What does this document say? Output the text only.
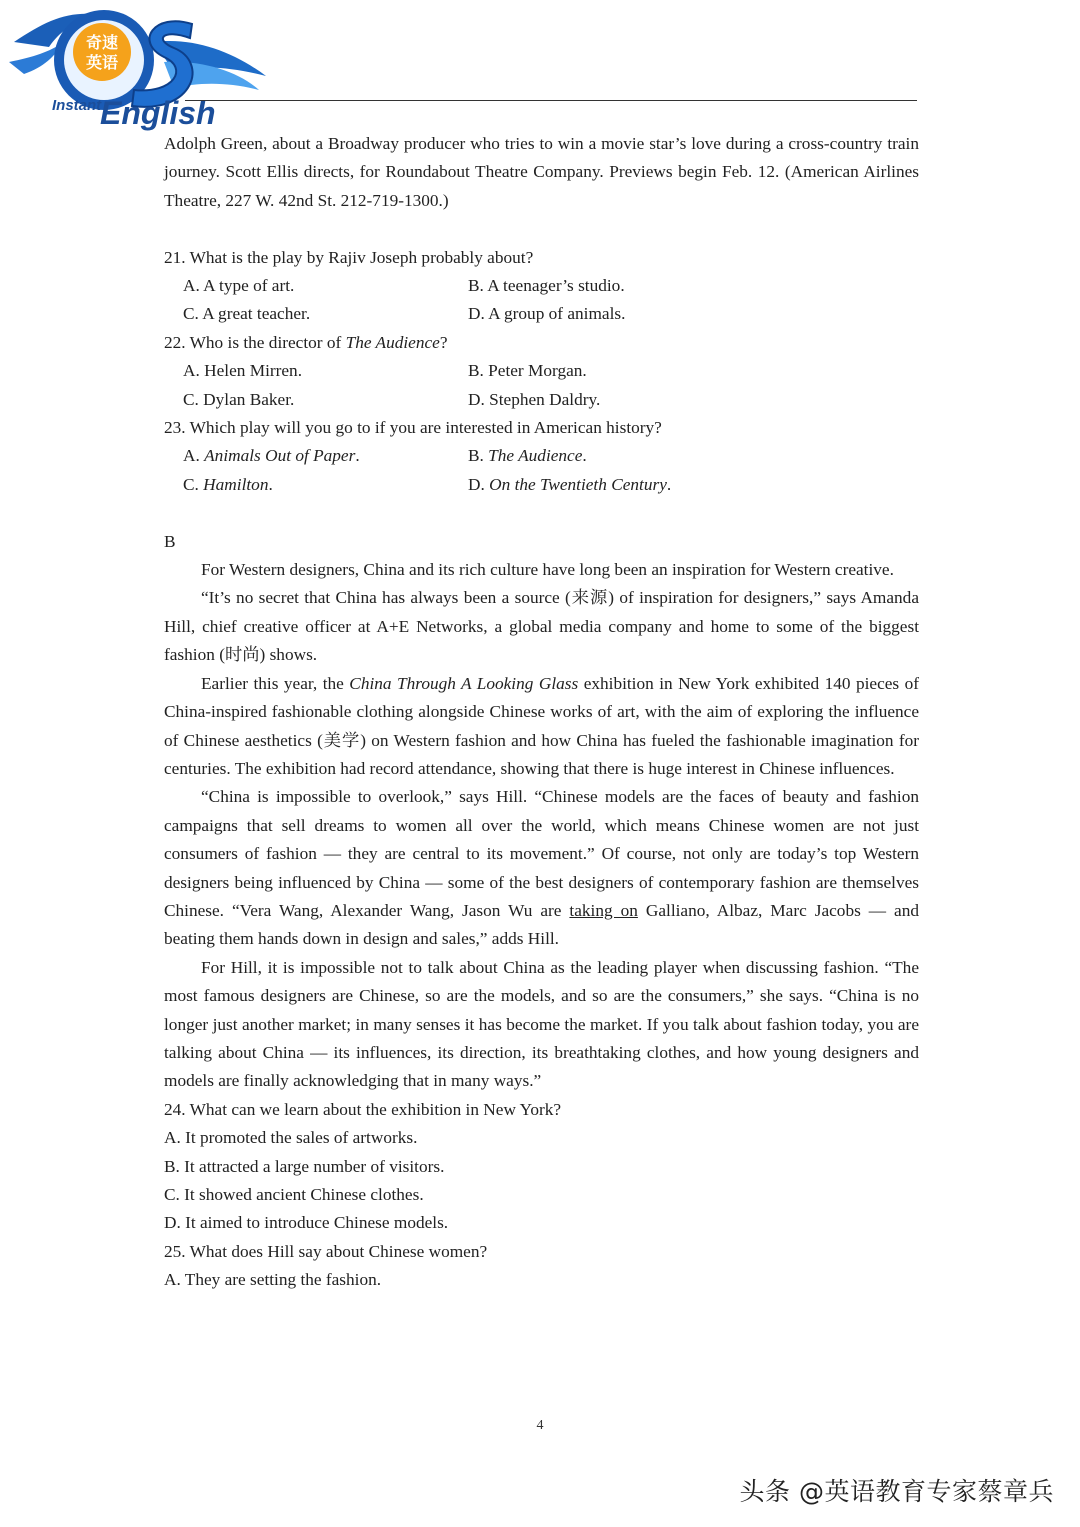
奇速
英语
Instant
English

Adolph Green, about a Broadway producer who tries to win a movie star’s love during a cross-country train journey. Scott Ellis directs, for Roundabout Theatre Company. Previews begin Feb. 12. (American Airlines Theatre, 227 W. 42nd St. 212-719-1300.)

21. What is the play by Rajiv Joseph probably about?

A. A type of art.	B. A teenager’s studio.
C. A great teacher.	D. A group of animals.

22. Who is the director of The Audience?

A. Helen Mirren.	B. Peter Morgan.
C. Dylan Baker.	D. Stephen Daldry.

23. Which play will you go to if you are interested in American history?

A. Animals Out of Paper.	B. The Audience.
C. Hamilton.	D. On the Twentieth Century.

B

For Western designers, China and its rich culture have long been an inspiration for Western creative.

“It’s no secret that China has always been a source (来源) of inspiration for designers,” says Amanda Hill, chief creative officer at A+E Networks, a global media company and home to some of the biggest fashion (时尚) shows.

Earlier this year, the China Through A Looking Glass exhibition in New York exhibited 140 pieces of China-inspired fashionable clothing alongside Chinese works of art, with the aim of exploring the influence of Chinese aesthetics (美学) on Western fashion and how China has fueled the fashionable imagination for centuries. The exhibition had record attendance, showing that there is huge interest in Chinese influences.

“China is impossible to overlook,” says Hill. “Chinese models are the faces of beauty and fashion campaigns that sell dreams to women all over the world, which means Chinese women are not just consumers of fashion — they are central to its movement.” Of course, not only are today’s top Western designers being influenced by China — some of the best designers of contemporary fashion are themselves Chinese. “Vera Wang, Alexander Wang, Jason Wu are taking on Galliano, Albaz, Marc Jacobs — and beating them hands down in design and sales,” adds Hill.

For Hill, it is impossible not to talk about China as the leading player when discussing fashion. “The most famous designers are Chinese, so are the models, and so are the consumers,” she says. “China is no longer just another market; in many senses it has become the market. If you talk about fashion today, you are talking about China — its influences, its direction, its breathtaking clothes, and how young designers and models are finally acknowledging that in many ways.”

24. What can we learn about the exhibition in New York?

A. It promoted the sales of artworks.

B. It attracted a large number of visitors.

C. It showed ancient Chinese clothes.

D. It aimed to introduce Chinese models.

25. What does Hill say about Chinese women?

A. They are setting the fashion.

4
头条 @英语教育专家蔡章兵
